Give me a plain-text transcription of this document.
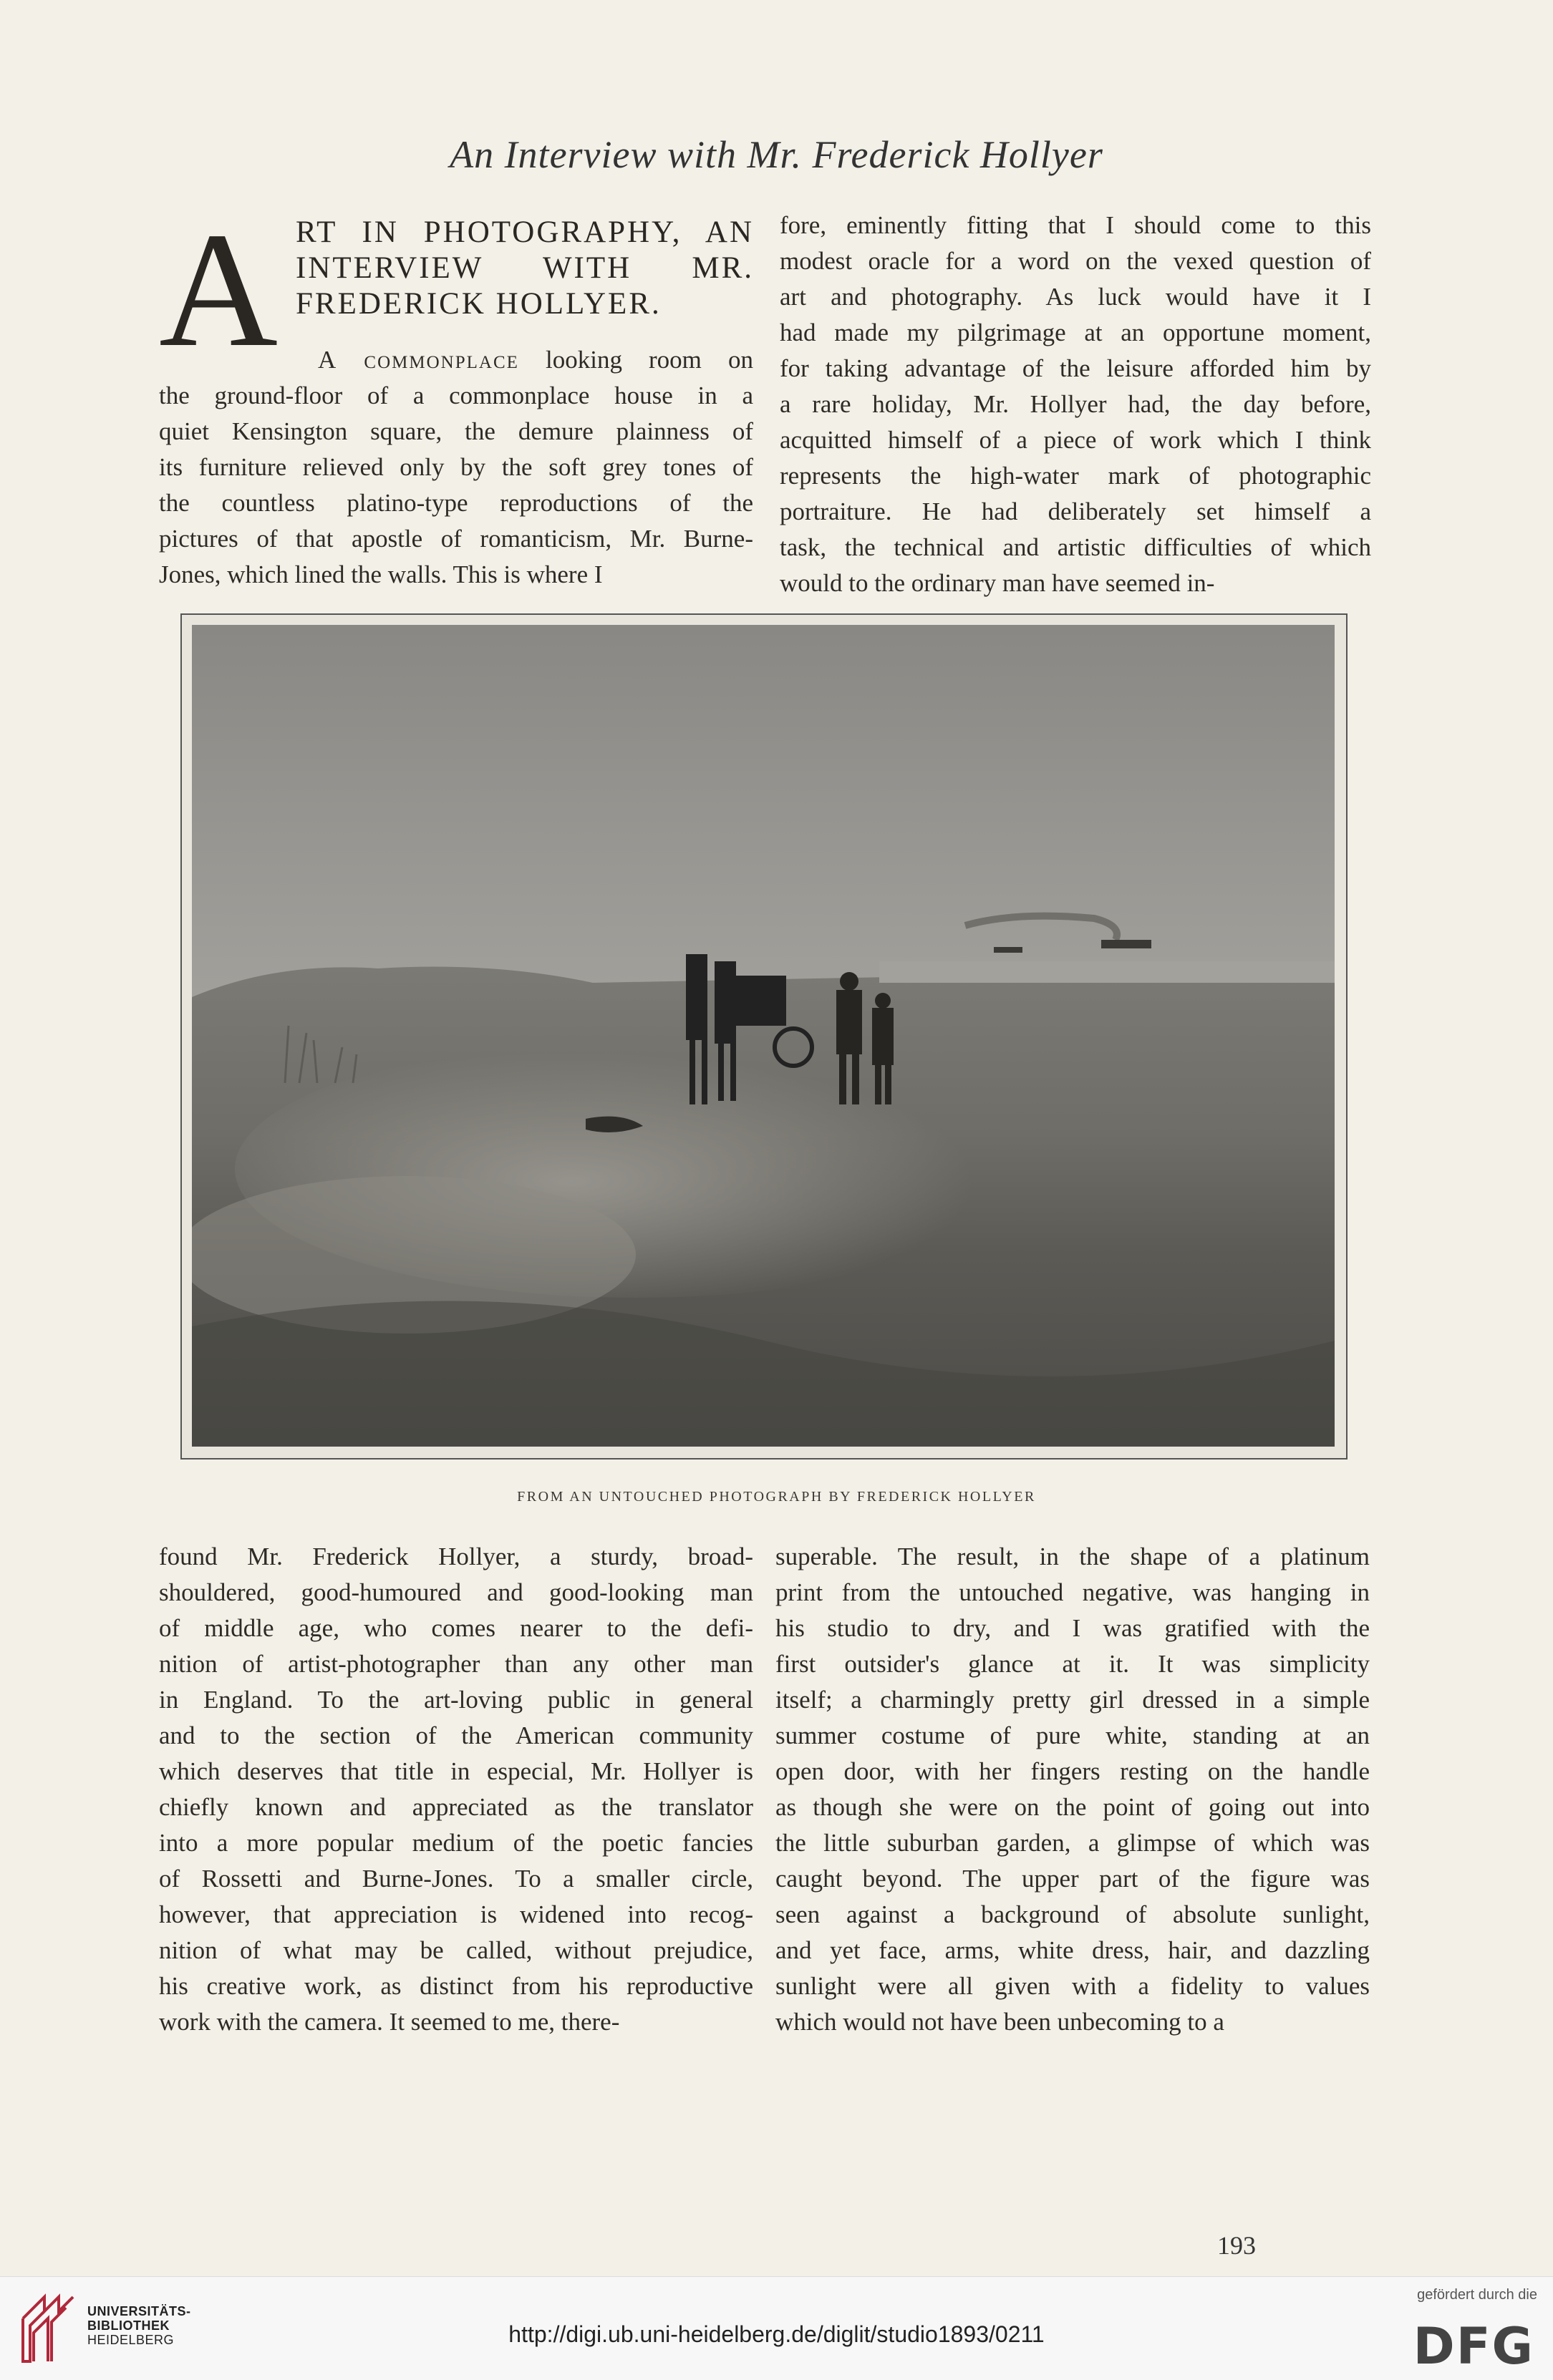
An Interview with Mr. Frederick Hollyer
A RT IN PHOTOGRAPHY, AN
INTERVIEW WITH MR.
FREDERICK HOLLYER.
A commonplace looking room on
the ground-floor of a commonplace house in a
quiet Kensington square, the demure plainness of
its furniture relieved only by the soft grey tones of
the countless platino-type reproductions of the
pictures of that apostle of romanticism, Mr. Burne-
Jones, which lined the walls. This is where I
fore, eminently fitting that I should come to this
modest oracle for a word on the vexed question of
art and photography. As luck would have it I
had made my pilgrimage at an opportune moment,
for taking advantage of the leisure afforded him by
a rare holiday, Mr. Hollyer had, the day before,
acquitted himself of a piece of work which I think
represents the high-water mark of photographic
portraiture. He had deliberately set himself a
task, the technical and artistic difficulties of which
would to the ordinary man have seemed in-
FROM AN UNTOUCHED PHOTOGRAPH BY FREDERICK HOLLYER
found Mr. Frederick Hollyer, a sturdy, broad-
shouldered, good-humoured and good-looking man
of middle age, who comes nearer to the defi-
nition of artist-photographer than any other man
in England. To the art-loving public in general
and to the section of the American community
which deserves that title in especial, Mr. Hollyer is
chiefly known and appreciated as the translator
into a more popular medium of the poetic fancies
of Rossetti and Burne-Jones. To a smaller circle,
however, that appreciation is widened into recog-
nition of what may be called, without prejudice,
his creative work, as distinct from his reproductive
work with the camera. It seemed to me, there-
superable. The result, in the shape of a platinum
print from the untouched negative, was hanging in
his studio to dry, and I was gratified with the
first outsider's glance at it. It was simplicity
itself; a charmingly pretty girl dressed in a simple
summer costume of pure white, standing at an
open door, with her fingers resting on the handle
as though she were on the point of going out into
the little suburban garden, a glimpse of which was
caught beyond. The upper part of the figure was
seen against a background of absolute sunlight,
and yet face, arms, white dress, hair, and dazzling
sunlight were all given with a fidelity to values
which would not have been unbecoming to a
193
UNIVERSITÄTS-
BIBLIOTHEK
HEIDELBERG	http://digi.ub.uni-heidelberg.de/diglit/studio1893/0211
gefördert durch die
DFG
